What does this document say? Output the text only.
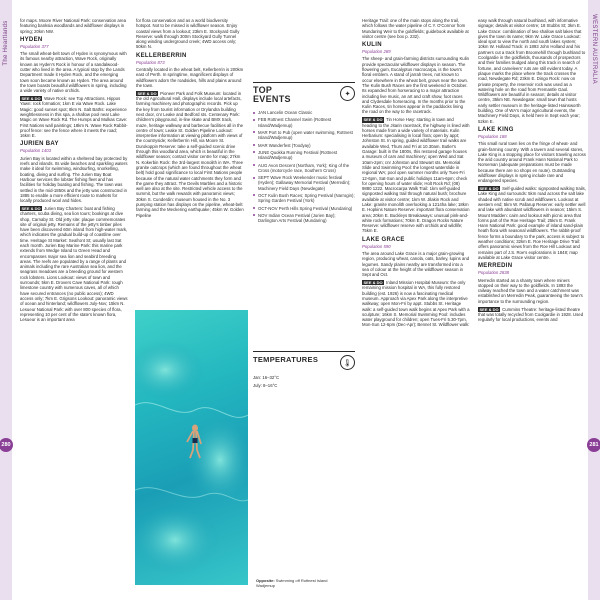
The Heartlands
280
WESTERN AUSTRALIA
281

for maps. Moore River National Park: conservation area featuring banksia woodlands and wildflower displays in spring; 20km NW.

HYDEN
Population 377

The small wheat-belt town of Hyden is synonymous with its famous nearby attraction, Wave Rock, originally known as Hyden's Rock in honour of a sandalwood-cutter who lived in the area. A typical stop by the Lands Department made it Hyden Rock, and the emerging town soon became known as Hyden. The area around the town boasts beautiful wildflowers in spring, including a wide variety of native orchids.

SEE & DO Wave Rock: see Top Attractions. Hippos Yawn: rock formation; 1km E via Wave Rock. Lake Magic: good sunset spot; 8km N. Salt Baths: experience weightlessness in this spa, a shallow pool near Lake Magic on Wave Rock Rd. The Humps and Mulkas Cave: First Nations wall paintings; 18km N. Wave Rock Rabbit-proof fence: see the fence where it meets the road; 16km E.

JURIEN BAY
Population 1403

Jurien Bay is located within a sheltered bay protected by reefs and islands. Its wide beaches and sparkling waters make it ideal for swimming, windsurfing, snorkelling, boating, diving and surfing. The Jurien Bay Boat Harbour services the lobster fishing fleet and has facilities for holiday boating and fishing. The town was settled in the mid-1850s and the jetty was constructed in 1885 to enable a more efficient route to markets for locally produced wool and hides.

SEE & DO Jurien Bay Charters: boat and fishing charters, scuba diving, sea lion tours; bookings at dive shop, Carnaby St. Old jetty site: plaque commemorates site of original jetty. Remains of the jetty's timber piles have been discovered 60m inland from high-water mark, which indicates the gradual build-up of coastline over time. Heritage St Market: Seafront St; usually last Sat each month. Jurien Bay Marine Park: this marine park extends from Wedge Island to Green Head and encompasses major sea lion and seabird breeding areas. The reefs are populated by a range of plants and animals including the rare Australian sea lion, and the seagrass meadows are a breeding ground for western rock lobsters. Lions Lookout: views of town and surrounds; 5km E. Drovers Cave National Park: rough limestone country with numerous caves, all of which have secured entrances (no public access); 4WD access only; 7km E. Grigsons Lookout: panoramic views of ocean and hinterland; wildflowers July-Nov; 15km N. Lesueur National Park: with over 800 species of flora, representing 10 per cent of the state's known flora, Lesueur is an important area

for flora conservation and as a world biodiversity hotspot. Not to be missed is wildflower season. Enjoy coastal views from a lookout; 23km E. Stockyard Gully Reserve: walk through 300m Stockyard Gully Tunnel along winding underground creek; 4WD access only; 50km N.

KELLERBERRIN
Population 873

Centrally located in the wheat belt, Kellerberrin is 200km east of Perth. In springtime, magnificent displays of wildflowers adorn the roadsides, hills and plains around the town.

SEE & DO Pioneer Park and Folk Museum: located in the old Agricultural Hall, displays include local artefacts, farming machinery and photographic records. Pick up the key from tourist information or Drylandra building next door, cnr Leake and Bedford sts. Centenary Park: children's playground, in-line skate and BMX track, maze, heritage walkway and barbecue facilities all in the centre of town; Leake St. Golden Pipeline Lookout: interpretive information at viewing platform with views of the countryside; Kellerberrin Hill, via Moore St. Durokoppin Reserve: take a self-guided scenic drive through this woodland area, which is beautiful in the wildflower season; contact visitor centre for map; 27km N. Kokerbin Rock: the 3rd-largest monolith in WA. Three granite outcrops (which are found throughout the wheat belt) hold good significance to local First Nations people because of the natural water catchments they form and the game they attract. The Devils Marbles and a historic well are also at the site. Restricted vehicle access to the summit, but the walk rewards with panoramic views; 30km S. Cunderdin: museum housed in the No. 3 pumping station has displays on the pipeline, wheat-belt farming and the Meckering earthquake; 45km W. Golden Pipeline

TOP
EVENTS	✦
JAN Lancelin Ocean Classic
FEB Rottnest Channel Swim (Rottnest Island/Wadjemup)
MAR Port to Pub (open water swimming, Rottnest Island/Wadjemup)
MAR Wanderfest (Toodyay)
JUNE Quokka Running Festival (Rottnest Island/Wadjemup)
AUG Avon Descent (Northam, York); King of the Cross (motorcycle race, Southern Cross)
SEPT Wave Rock Weekender music festival (Hyden); Gallaway Memorial Festival (Merredin); Machinery Field Days (Newdegate)
OCT Kulin Bush Races; Spring Festival (Narrogin); Spring Garden Festival (York)
OCT-NOV Perth Hills Spring Festival (Mundaring)
NOV Indian Ocean Festival (Jurien Bay); Darlington Arts Festival (Mundaring)
TEMPERATURES	🌡

Jan: 16–32°C

July: 8–16°C

Opposite: Swimming off Rottnest Island Wadjemup

Heritage Trail: one of the main stops along the trail, which follows the water pipeline of C.Y. O'Connor from Mundaring Weir to the goldfields; guidebook available at visitor centre (see box p. 232).

KULIN
Population 289

The sheep- and grain-farming districts surrounding Kulin provide spectacular wildflower displays in season. The flowering gum, Eucalyptus macrocarpa, is the town's floral emblem. A stand of jarrah trees, not known to occur elsewhere in the wheat belt, grows near the town. The Kulin Bush Races are the first weekend in October. Its expanded from horseracing to a major attraction including live music, an art and craft show, foot races and Clydesdale horseracing. In the months prior to the Kulin Races, tin horses appear in the paddocks lining the road on the way to the racetrack.

SEE & DO Tin Horse Hwy: starting in town and heading to the Jitarin racetrack, the highway is lined with horses made from a wide variety of materials. Kulin Herbarium: specialising in local flora; open by appt; Johnston St. In spring, guided wildflower trail walks are available Wed, Thurs and Fri at 10.30am. Butler's Garage: built in the 1800s, this restored garage houses a museum of cars and machinery; open Wed and Sat 10am-2pm; cnr Johnston and Stewart sts. Memorial Slide and Swimming Pool: the longest waterslide in regional WA; pool open summer months only Tues-Fri 12-6pm, Sat-Sun and public holidays 11am-6pm; check for opening hours of water slide; Holt Rock Rd; (08) 9880 1222. Macrocarpa Walk Trail: 1km self-guided signposted walking trail through natural bush; brochure available at visitor centre; 1km W. Jilakin Rock and Lake: granite monolith overlooking a 1214ha lake; 18km E. Hopkins Nature Reserve: important flora conservation area; 20km E. Buckleys Breakaways: unusual pink-and-white rock formations; 70km E. Dragon Rocks Nature Reserve: wildflower reserve with orchids and wildlife; 75km E.

LAKE GRACE
Population 590

The area around Lake Grace is a major grain-growing region, producing wheat, canola, oats, barley, lupins and legumes. Sandy plains nearby are transformed into a sea of colour at the height of the wildflower season in Sept and Oct.

SEE & DO Inland Mission Hospital Museum: the only remaining mission hospital in WA, this fully restored building (est. 1926) is now a fascinating medical museum. Approach via Apex Park along the interpretive walkway; open Mon-Fri by appt. Stubbs St. Heritage walk: a self-guided town walk begins at Apex Park with a sculpture; 16km S. Memorial Swimming Pool: includes water playground for children; open Tues-Fri 5.30-7pm, Mon-Sun 12-6pm (Dec-Apr); Bennet St. Wildflower walk:

easy walk through natural bushland, with informative signage; details at visitor centre; 18 Stubbs St; 3km E. Lake Grace: combination of two shallow salt lakes that gives the town its name; 9km W. Lake Grace Lookout: ideal spot to view the north and south lakes system; 10km W. Holland Track: in 1893 John Holland and his partners cut a track from Broomehill through bushland to Coolgardie in the goldfields, thousands of prospectors and their families trudged along this track in search of fortune, and cameleers' ruts are still evident today. A plaque marks the place where the track crosses the road, Newdegate Rd; 23km E. Dingo Rock: now on private property, the reservoir rock was used as a watering hole on the road from Fremantle Gaol. Wildflowers are beautiful in season; details at visitor centre, 35km NE. Newdegate: small town that hosts early settler museum in the heritage-listed Hainsworth building. One of WA's major agricultural events, the Machinery Field Days, is held here in Sept each year; 52km E.

LAKE KING
Population 188

This small rural town lies on the fringe of wheat- and grain-farming country. With a tavern and several stores, Lake King is a stopping place for visitors traveling across the arid country around Frank Hann National Park to Norseman (adequate preparations must be made because there are no shops en route). Outstanding wildflower displays in spring include rare and endangered species.

SEE & DO Self-guided walks: signposted walking trails, Lake King and surrounds: 5km road across the salt lake shaded with native scrub and wildflowers. Lookout at western end; 5km W. Pallarup Reserve: early settler well and lake with abundant wildflowers in season; 15km S. Mount Madden: cairn and lookout with picnic area that forms part of the Roe Heritage Trail; 25km E. Frank Hann National Park: good example of inland sand-plain heath flora with seasonal wildflowers. The rabbit-proof fence forms a boundary to the park, access is subject to weather conditions; 32km E. Roe Heritage Drive Trail: offers panoramic views from the Roe Hill Lookout and remains part of J.S. Roe's explorations in 1848; map available at Lake Grace visitor centre.

MERREDIN
Population 2838

Merredin started as a shanty town where miners stopped on their way to the goldfields. In 1893 the railway reached the town and a water catchment was established on Merredin Peak, guaranteeing the town's importance to the surrounding region.

SEE & DO Cummins Theatre: heritage-listed theatre that was totally recycled from Coolgardie in 1928. Used regularly for local productions, events and
